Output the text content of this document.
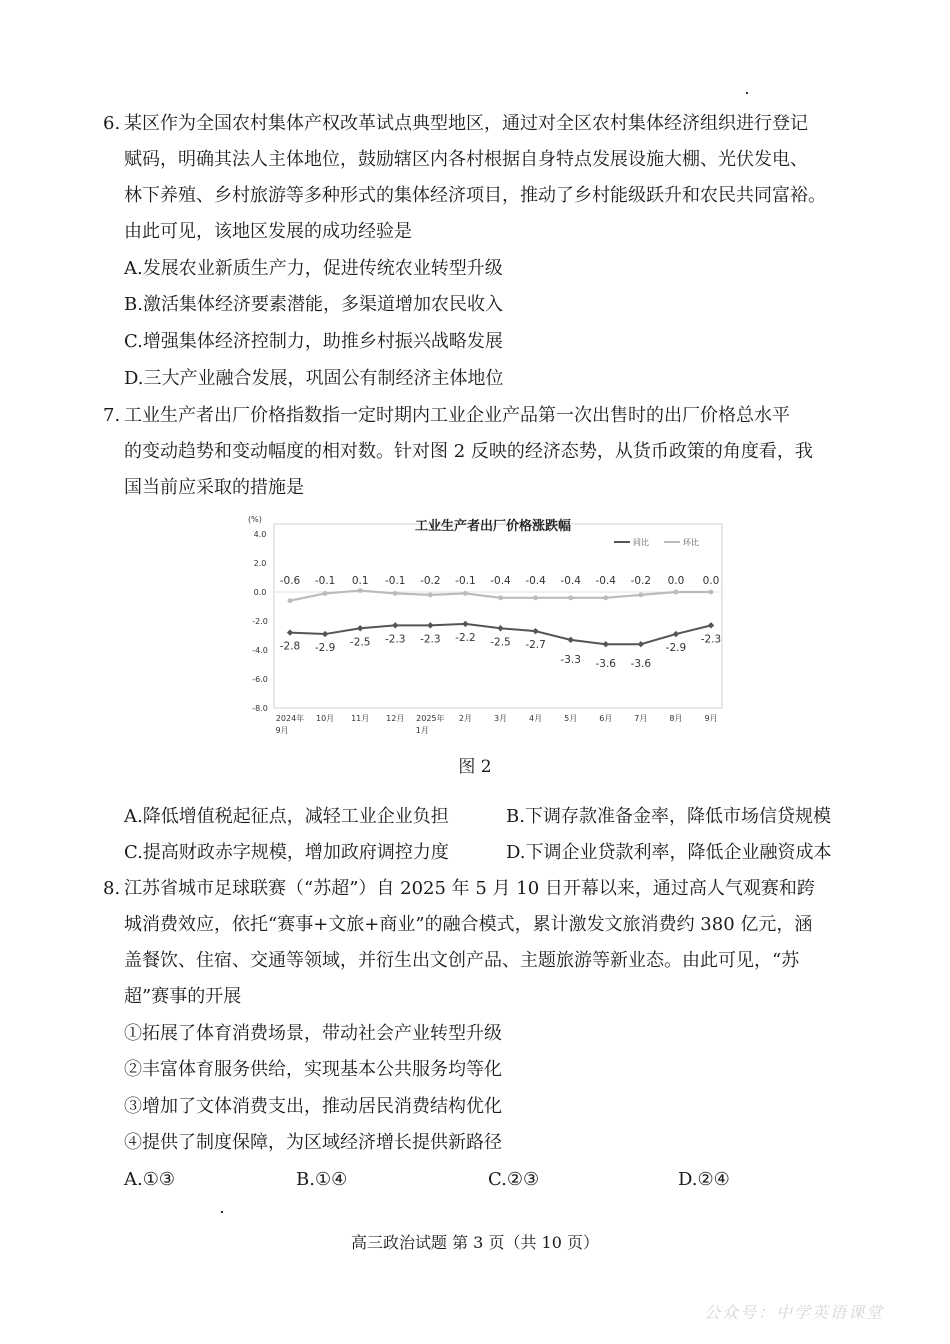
6. 某区作为全国农村集体产权改革试点典型地区，通过对全区农村集体经济组织进行登记
赋码，明确其法人主体地位，鼓励辖区内各村根据自身特点发展设施大棚、光伏发电、
林下养殖、乡村旅游等多种形式的集体经济项目，推动了乡村能级跃升和农民共同富裕。
由此可见，该地区发展的成功经验是
A.发展农业新质生产力，促进传统农业转型升级
B.激活集体经济要素潜能，多渠道增加农民收入
C.增强集体经济控制力，助推乡村振兴战略发展
D.三大产业融合发展，巩固公有制经济主体地位
7. 工业生产者出厂价格指数指一定时期内工业企业产品第一次出售时的出厂价格总水平
的变动趋势和变动幅度的相对数。针对图 2 反映的经济态势，从货币政策的角度看，我
国当前应采取的措施是
(%)	工业生产者出厂价格涨跌幅
4.0
2.0
0.0
-2.0
-4.0
-6.0
-8.0
2024年
9月
10月 11月 12月 2025年
1月
2月	3月	4月	5月	6月	7月	8月	9月
同比	环比
-2.8 -2.9 -2.5 -2.3 -2.3 -2.2 -2.5 -2.7
-3.3 -3.6 -3.6
-2.9
-2.3
-0.6 -0.1 0.1 -0.1 -0.2 -0.1 -0.4 -0.4 -0.4 -0.4 -0.2 0.0 0.0
图 2
A.降低增值税起征点，减轻工业企业负担	B.下调存款准备金率，降低市场信贷规模
C.提高财政赤字规模，增加政府调控力度	D.下调企业贷款利率，降低企业融资成本
8. 江苏省城市足球联赛（“苏超”）自 2025 年 5 月 10 日开幕以来，通过高人气观赛和跨
城消费效应，依托“赛事+文旅+商业”的融合模式，累计激发文旅消费约 380 亿元，涵
盖餐饮、住宿、交通等领域，并衍生出文创产品、主题旅游等新业态。由此可见，“苏
超”赛事的开展
①拓展了体育消费场景，带动社会产业转型升级
②丰富体育服务供给，实现基本公共服务均等化
③增加了文体消费支出，推动居民消费结构优化
④提供了制度保障，为区域经济增长提供新路径
A.①③	B.①④	C.②③	D.②④
高三政治试题 第 3 页（共 10 页）
公众号：中学英语课堂
